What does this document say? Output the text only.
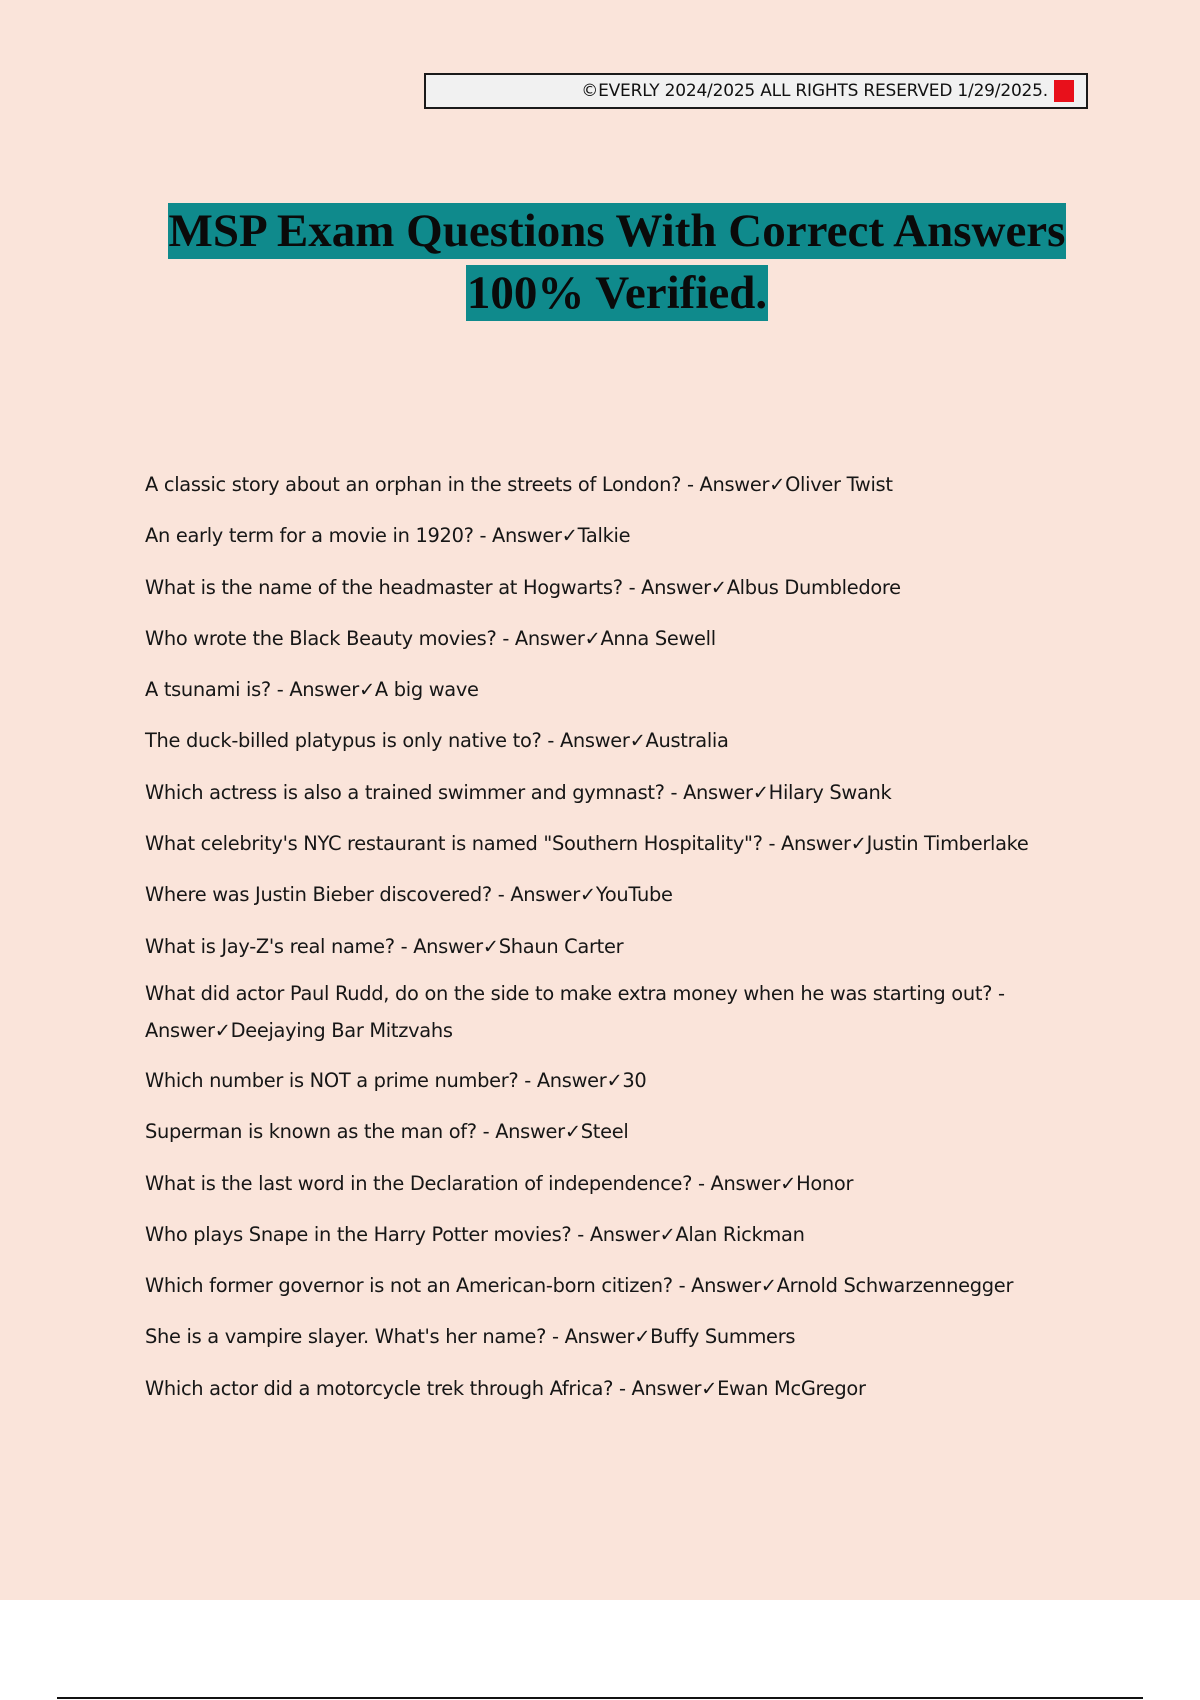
©EVERLY 2024/2025 ALL RIGHTS RESERVED 1/29/2025.
MSP Exam Questions With Correct Answers
100% Verified.
A classic story about an orphan in the streets of London? - Answer✓Oliver Twist
An early term for a movie in 1920? - Answer✓Talkie
What is the name of the headmaster at Hogwarts? - Answer✓Albus Dumbledore
Who wrote the Black Beauty movies? - Answer✓Anna Sewell
A tsunami is? - Answer✓A big wave
The duck-billed platypus is only native to? - Answer✓Australia
Which actress is also a trained swimmer and gymnast? - Answer✓Hilary Swank
What celebrity's NYC restaurant is named "Southern Hospitality"? - Answer✓Justin Timberlake
Where was Justin Bieber discovered? - Answer✓YouTube
What is Jay-Z's real name? - Answer✓Shaun Carter
What did actor Paul Rudd, do on the side to make extra money when he was starting out? - Answer✓Deejaying Bar Mitzvahs
Which number is NOT a prime number? - Answer✓30
Superman is known as the man of? - Answer✓Steel
What is the last word in the Declaration of independence? - Answer✓Honor
Who plays Snape in the Harry Potter movies? - Answer✓Alan Rickman
Which former governor is not an American-born citizen? - Answer✓Arnold Schwarzennegger
She is a vampire slayer. What's her name? - Answer✓Buffy Summers
Which actor did a motorcycle trek through Africa? - Answer✓Ewan McGregor
